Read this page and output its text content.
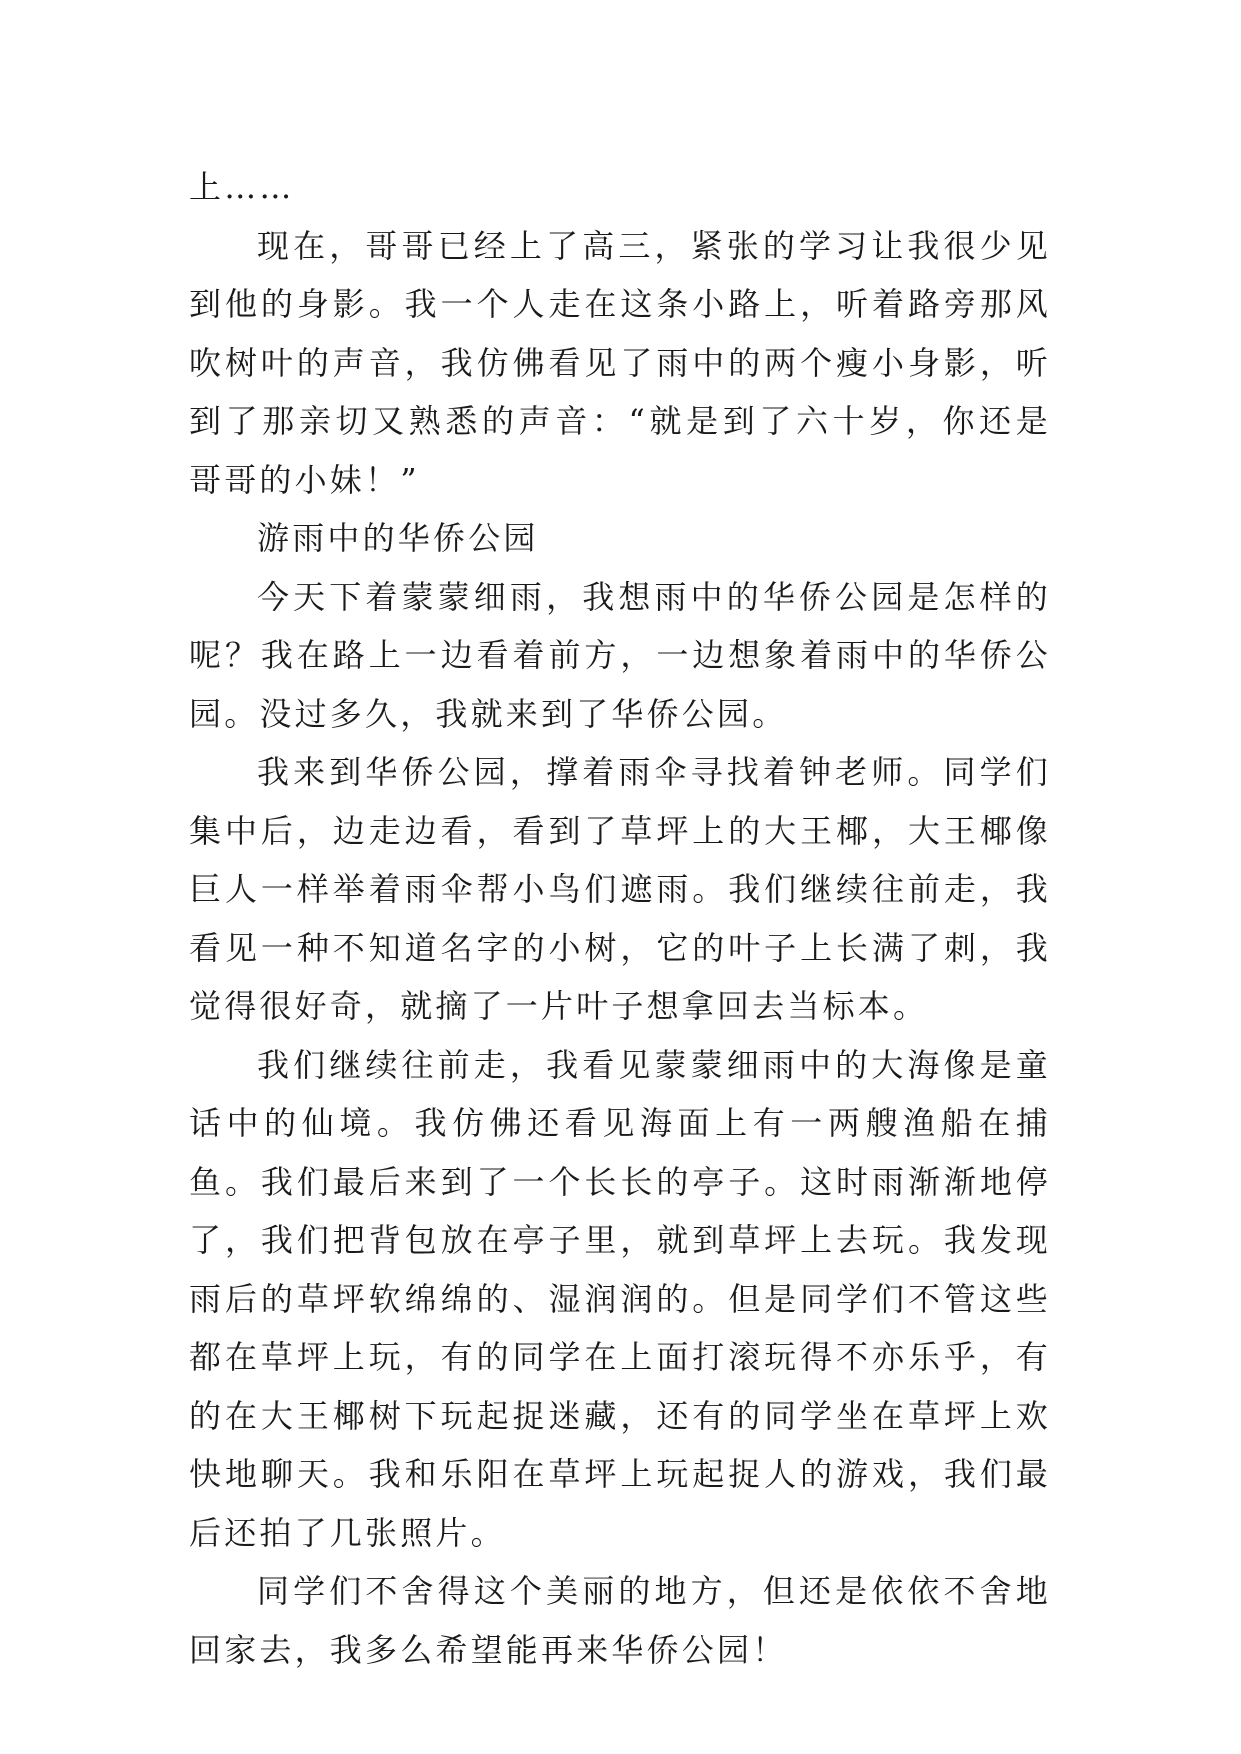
上……

现在，哥哥已经上了高三，紧张的学习让我很少见到他的身影。我一个人走在这条小路上，听着路旁那风吹树叶的声音，我仿佛看见了雨中的两个瘦小身影，听到了那亲切又熟悉的声音：“就是到了六十岁，你还是哥哥的小妹！”

游雨中的华侨公园

今天下着蒙蒙细雨，我想雨中的华侨公园是怎样的呢？我在路上一边看着前方，一边想象着雨中的华侨公园。没过多久，我就来到了华侨公园。

我来到华侨公园，撑着雨伞寻找着钟老师。同学们集中后，边走边看，看到了草坪上的大王椰，大王椰像巨人一样举着雨伞帮小鸟们遮雨。我们继续往前走，我看见一种不知道名字的小树，它的叶子上长满了刺，我觉得很好奇，就摘了一片叶子想拿回去当标本。

我们继续往前走，我看见蒙蒙细雨中的大海像是童话中的仙境。我仿佛还看见海面上有一两艘渔船在捕鱼。我们最后来到了一个长长的亭子。这时雨渐渐地停了，我们把背包放在亭子里，就到草坪上去玩。我发现雨后的草坪软绵绵的、湿润润的。但是同学们不管这些都在草坪上玩，有的同学在上面打滚玩得不亦乐乎，有的在大王椰树下玩起捉迷藏，还有的同学坐在草坪上欢快地聊天。我和乐阳在草坪上玩起捉人的游戏，我们最后还拍了几张照片。

同学们不舍得这个美丽的地方，但还是依依不舍地回家去，我多么希望能再来华侨公园！
